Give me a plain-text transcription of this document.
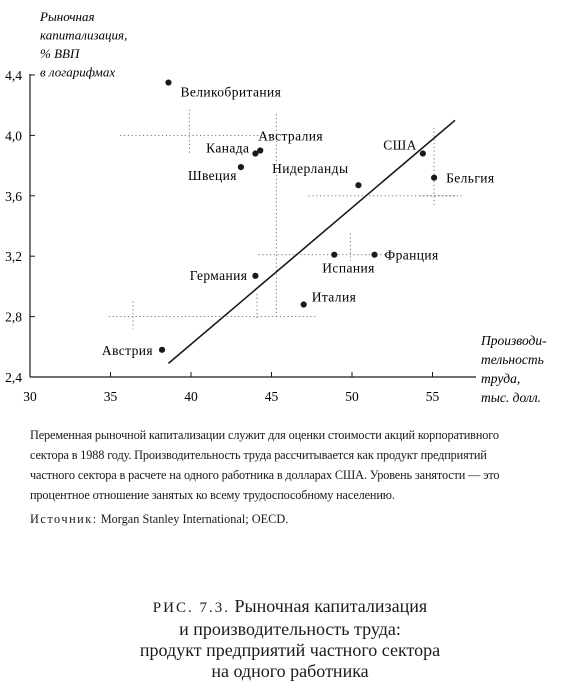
30	35	40	45	50	55
2,4
2,8
3,2
3,6
4,0
4,4
Великобритания
Австралия
Канада
Швеция
США
Нидерланды
Бельгия
Франция
Испания
Германия
Италия
Австрия
Рыночная
капитализация,
% ВВП
в логарифмах
Производи-
тельность
труда,
тыс. долл.

Переменная рыночной капитализации служит для оценки стоимости акций корпоративного сектора в 1988 году. Производительность труда рассчитывается как продукт предприятий частного сектора в расчете на одного работника в долларах США. Уровень занятости — это процентное отношение занятых ко всему трудоспособному населению.

Источник: Morgan Stanley International; OECD.

РИС. 7.3. Рыночная капитализация
и производительность труда:
продукт предприятий частного сектора
на одного работника
